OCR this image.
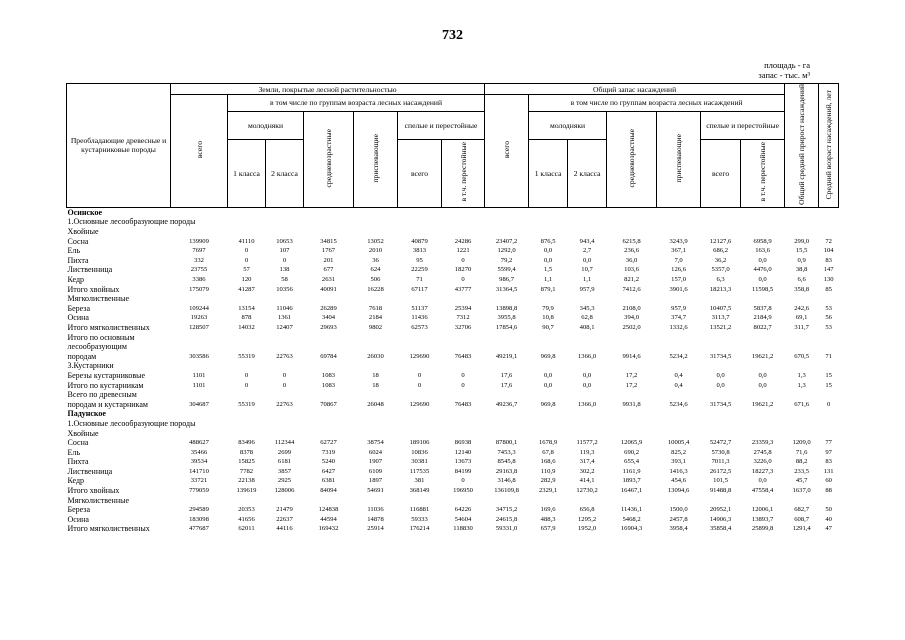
732
площадь - га
запас - тыс. м³
Преобладающие древесные и кустарниковые породы	Земли, покрытые лесной растительностью							Общий запас насаждений							Общий средний прирост насаждений	Средний возраст насаждений, лет
	всего	в том числе по группам возраста лесных насаждений						всего	в том числе по группам возраста лесных насаждений							
		молодняки		средневозрастные	приспевающие	спелые и перестойные			молодняки		средневозрастные	приспевающие	спелые и перестойные			
		1 класса	2 класса			всего	в т.ч. перестойные		1 класса	2 класса			всего	в т.ч. перестойные		

Осинское																
1.Основные лесообразующие породы																
Хвойные																
Сосна	139909	41110	10653	34815	13052	40879	24286	23407,2	876,5	943,4	6215,8	3243,9	12127,6	6958,9	299,0	72
Ель	7697	0	107	1767	2010	3813	1221	1292,0	0,0	2,7	236,6	367,1	686,2	163,6	15,5	104
Пихта	332	0	0	201	36	95	0	79,2	0,0	0,0	36,0	7,0	36,2	0,0	0,9	83
Лиственница	23755	57	138	677	624	22259	18270	5599,4	1,5	10,7	103,6	126,6	5357,0	4476,0	38,8	147
Кедр	3386	120	58	2631	506	71	0	986,7	1,1	1,1	821,2	157,0	6,3	0,0	6,6	130
Итого хвойных	175079	41287	10356	40091	16228	67117	43777	31364,5	879,1	957,9	7412,6	3901,6	18213,3	11598,5	358,8	85
Мягколиственные																
Береза	109244	13154	11046	26289	7618	51137	25394	13898,8	79,9	345,3	2108,0	957,9	10407,5	5837,8	242,6	53
Осина	19263	878	1361	3404	2184	11436	7312	3955,8	10,8	62,8	394,0	374,7	3113,7	2184,9	69,1	56
Итого мягколиственных	128507	14032	12407	29693	9802	62573	32706	17854,6	90,7	408,1	2502,0	1332,6	13521,2	8022,7	311,7	53
Итого по основным																
лесообразующим																
породам	303586	55319	22763	69784	26030	129690	76483	49219,1	969,8	1366,0	9914,6	5234,2	31734,5	19621,2	670,5	71
3.Кустарники																
Березы кустарниковые	1101	0	0	1083	18	0	0	17,6	0,0	0,0	17,2	0,4	0,0	0,0	1,3	15
Итого по кустарникам	1101	0	0	1083	18	0	0	17,6	0,0	0,0	17,2	0,4	0,0	0,0	1,3	15
Всего по древесным																
породам и кустарникам	304687	55319	22763	70867	26048	129690	76483	49236,7	969,8	1366,0	9931,8	5234,6	31734,5	19621,2	671,6	0
Падунское																
1.Основные лесообразующие породы																
Хвойные																
Сосна	488627	83496	112344	62727	38754	189106	86938	87800,1	1678,9	11577,2	12065,9	10005,4	52472,7	23359,3	1209,0	77
Ель	35466	8378	2699	7319	6024	10836	12140	7453,3	67,8	119,3	690,2	825,2	5730,8	2745,8	71,6	97
Пихта	39534	15825	6181	5240	1907	30381	13673	8545,8	168,6	317,4	655,4	393,1	7011,3	3226,0	88,2	83
Лиственница	141710	7782	3857	6427	6109	117535	84199	29163,8	110,9	302,2	1161,9	1416,3	26172,5	18227,3	233,5	131
Кедр	33721	22138	2925	6381	1897	381	0	3146,8	282,9	414,1	1893,7	454,6	101,5	0,0	45,7	60
Итого хвойных	779059	139619	128006	84094	54691	368149	196950	136109,8	2329,1	12730,2	16467,1	13094,6	91488,8	47558,4	1637,0	88
Мягколиственные																
Береза	294589	20353	21479	124838	11036	116881	64226	34715,2	169,6	656,8	11436,1	1500,0	20952,1	12006,1	682,7	50
Осина	183098	41656	22637	44594	14878	59333	54604	24615,8	488,3	1295,2	5468,2	2457,8	14906,3	13893,7	608,7	40
Итого мягколиственных	477687	62011	44116	169432	25914	176214	118830	59331,0	657,9	1952,0	16904,3	3958,4	35858,4	25899,8	1291,4	47
